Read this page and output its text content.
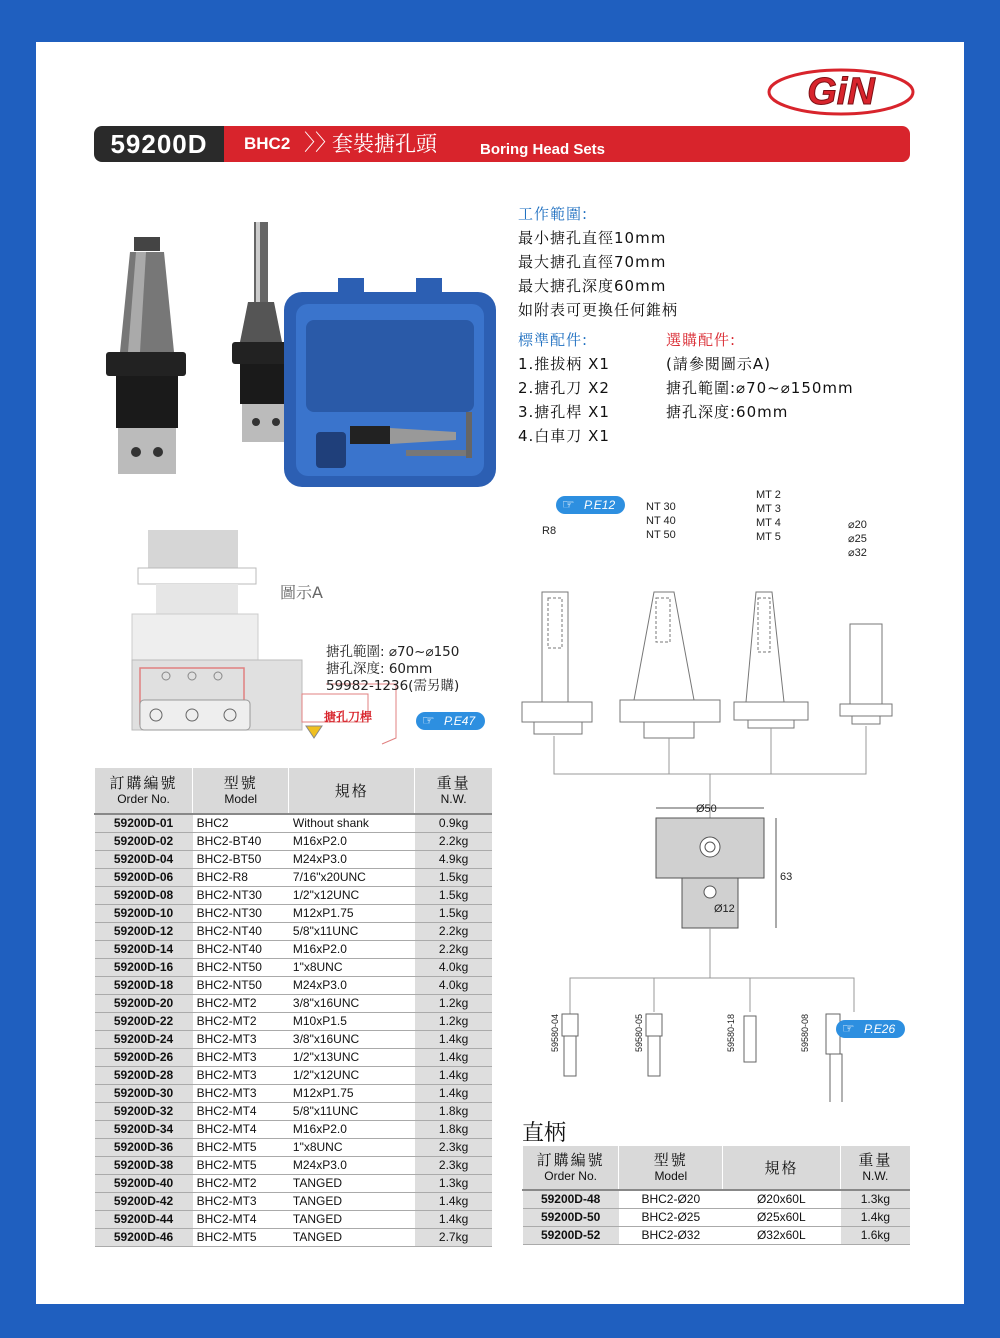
GiN
59200D	BHC2 〉〉
套裝搪孔頭	Boring Head Sets
工作範圍:
最小搪孔直徑10mm
最大搪孔直徑70mm
最大搪孔深度60mm
如附表可更換任何錐柄
標準配件:
1.推拔柄 X1
2.搪孔刀 X2
3.搪孔桿 X1
4.白車刀 X1
選購配件:
(請參閱圖示A)
搪孔範圍:⌀70~⌀150mm
搪孔深度:60mm
圖示A
搪孔範圍: ⌀70~⌀150
搪孔深度: 60mm
59982-1236(需另購)
搪孔刀桿	☞ P.E47
☞ P.E12
☞ P.E26
R8
NT 30
NT 40
NT 50
MT 2
MT 3
MT 4
MT 5
⌀20
⌀25
⌀32
Ø50
63
Ø12
59580-04	59580-05	59580-18	59580-08
訂購編號
Order No.	型號
Model	規格	重量
N.W.

59200D-01	BHC2	Without shank	0.9kg
59200D-02	BHC2-BT40	M16xP2.0	2.2kg
59200D-04	BHC2-BT50	M24xP3.0	4.9kg
59200D-06	BHC2-R8	7/16"x20UNC	1.5kg
59200D-08	BHC2-NT30	1/2"x12UNC	1.5kg
59200D-10	BHC2-NT30	M12xP1.75	1.5kg
59200D-12	BHC2-NT40	5/8"x11UNC	2.2kg
59200D-14	BHC2-NT40	M16xP2.0	2.2kg
59200D-16	BHC2-NT50	1"x8UNC	4.0kg
59200D-18	BHC2-NT50	M24xP3.0	4.0kg
59200D-20	BHC2-MT2	3/8"x16UNC	1.2kg
59200D-22	BHC2-MT2	M10xP1.5	1.2kg
59200D-24	BHC2-MT3	3/8"x16UNC	1.4kg
59200D-26	BHC2-MT3	1/2"x13UNC	1.4kg
59200D-28	BHC2-MT3	1/2"x12UNC	1.4kg
59200D-30	BHC2-MT3	M12xP1.75	1.4kg
59200D-32	BHC2-MT4	5/8"x11UNC	1.8kg
59200D-34	BHC2-MT4	M16xP2.0	1.8kg
59200D-36	BHC2-MT5	1"x8UNC	2.3kg
59200D-38	BHC2-MT5	M24xP3.0	2.3kg
59200D-40	BHC2-MT2	TANGED	1.3kg
59200D-42	BHC2-MT3	TANGED	1.4kg
59200D-44	BHC2-MT4	TANGED	1.4kg
59200D-46	BHC2-MT5	TANGED	2.7kg
直柄
訂購編號
Order No.	型號
Model	規格	重量
N.W.

59200D-48	BHC2-Ø20	Ø20x60L	1.3kg
59200D-50	BHC2-Ø25	Ø25x60L	1.4kg
59200D-52	BHC2-Ø32	Ø32x60L	1.6kg
